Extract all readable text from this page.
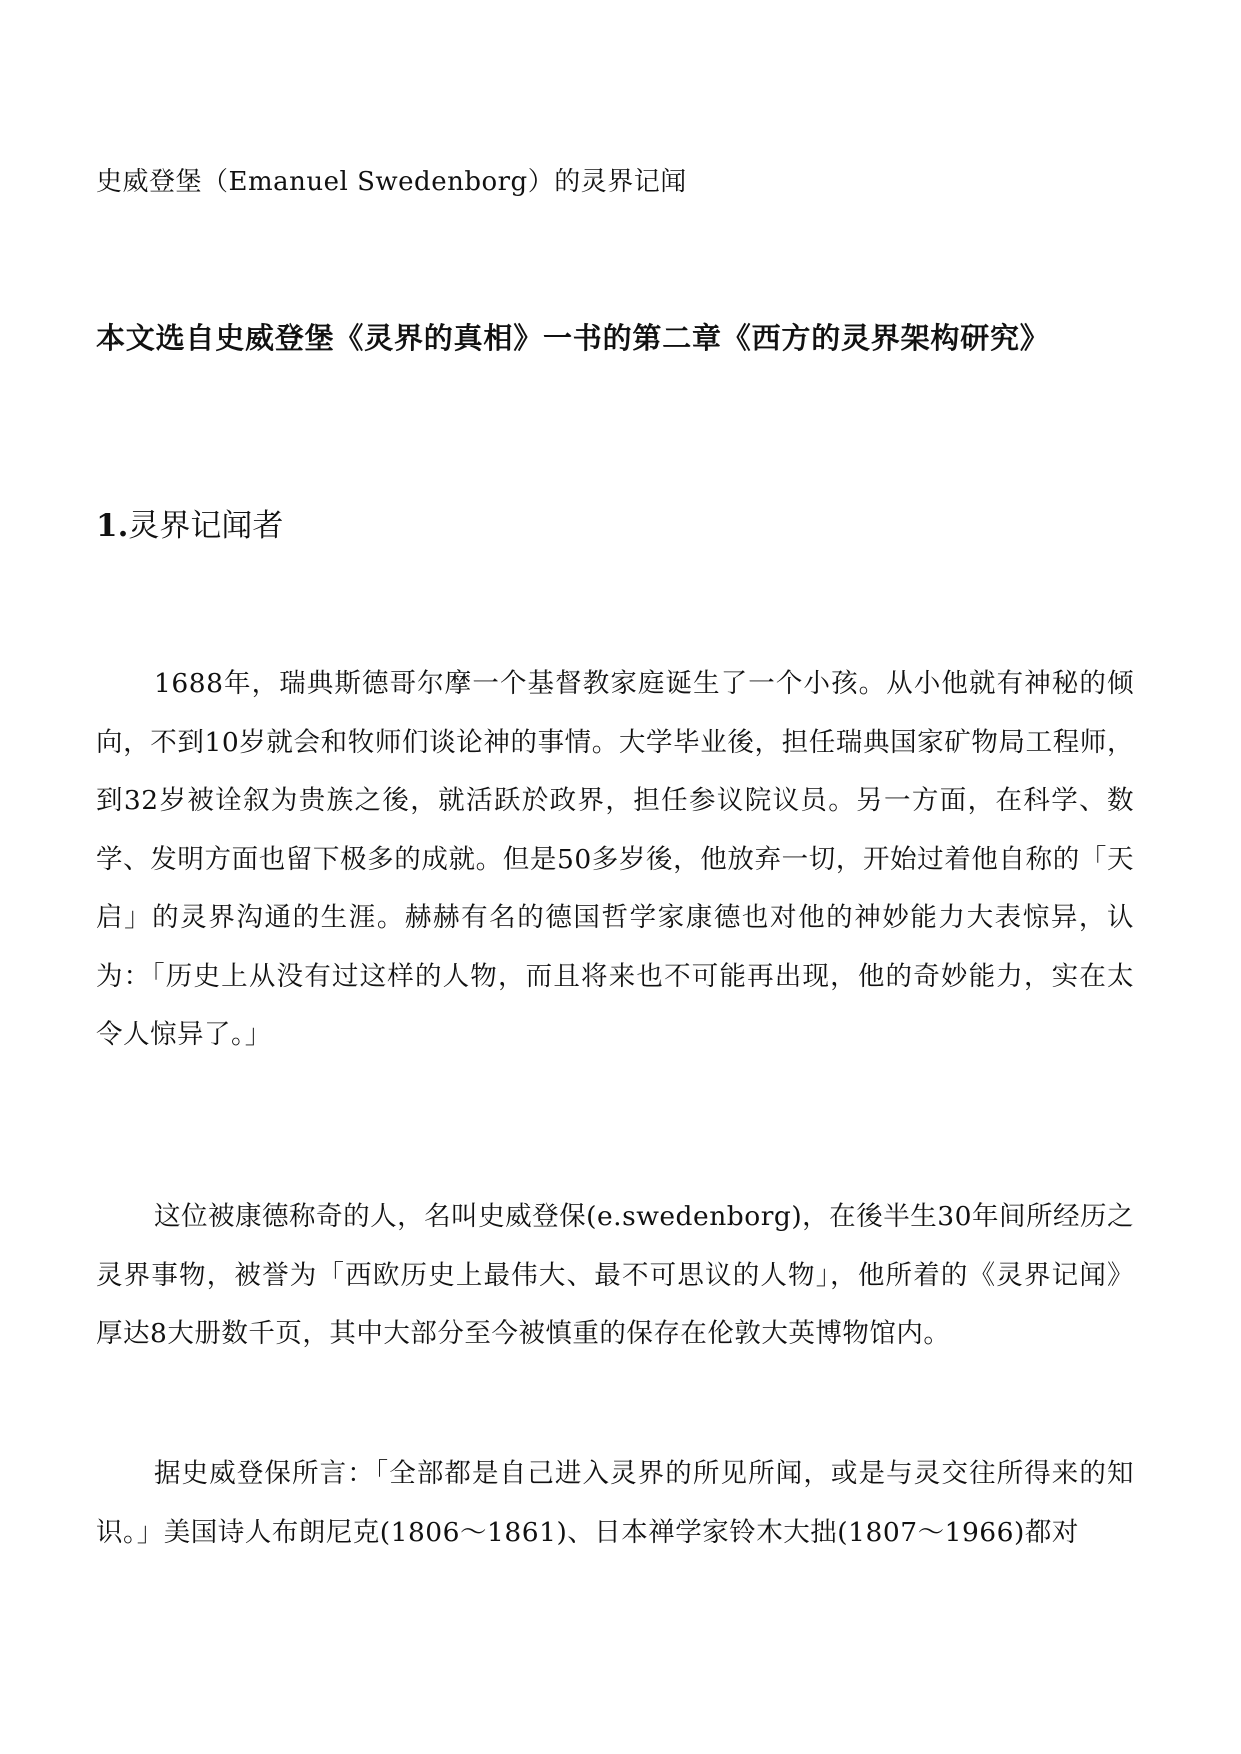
史威登堡（Emanuel Swedenborg）的灵界记闻
本文选自史威登堡《灵界的真相》一书的第二章《西方的灵界架构研究》
1.灵界记闻者

1688年，瑞典斯德哥尔摩一个基督教家庭诞生了一个小孩。从小他就有神秘的倾向，不到10岁就会和牧师们谈论神的事情。大学毕业後，担任瑞典国家矿物局工程师，到32岁被诠叙为贵族之後，就活跃於政界，担任参议院议员。另一方面，在科学、数学、发明方面也留下极多的成就。但是50多岁後，他放弃一切，开始过着他自称的「天启」的灵界沟通的生涯。赫赫有名的德国哲学家康德也对他的神妙能力大表惊异，认为：「历史上从没有过这样的人物，而且将来也不可能再出现，他的奇妙能力，实在太令人惊异了。」

这位被康德称奇的人，名叫史威登保(e.swedenborg)，在後半生30年间所经历之灵界事物，被誉为「西欧历史上最伟大、最不可思议的人物」，他所着的《灵界记闻》厚达8大册数千页，其中大部分至今被慎重的保存在伦敦大英博物馆内。

据史威登保所言：「全部都是自己进入灵界的所见所闻，或是与灵交往所得来的知识。」美国诗人布朗尼克(1806～1861)、日本禅学家铃木大拙(1807～1966)都对
